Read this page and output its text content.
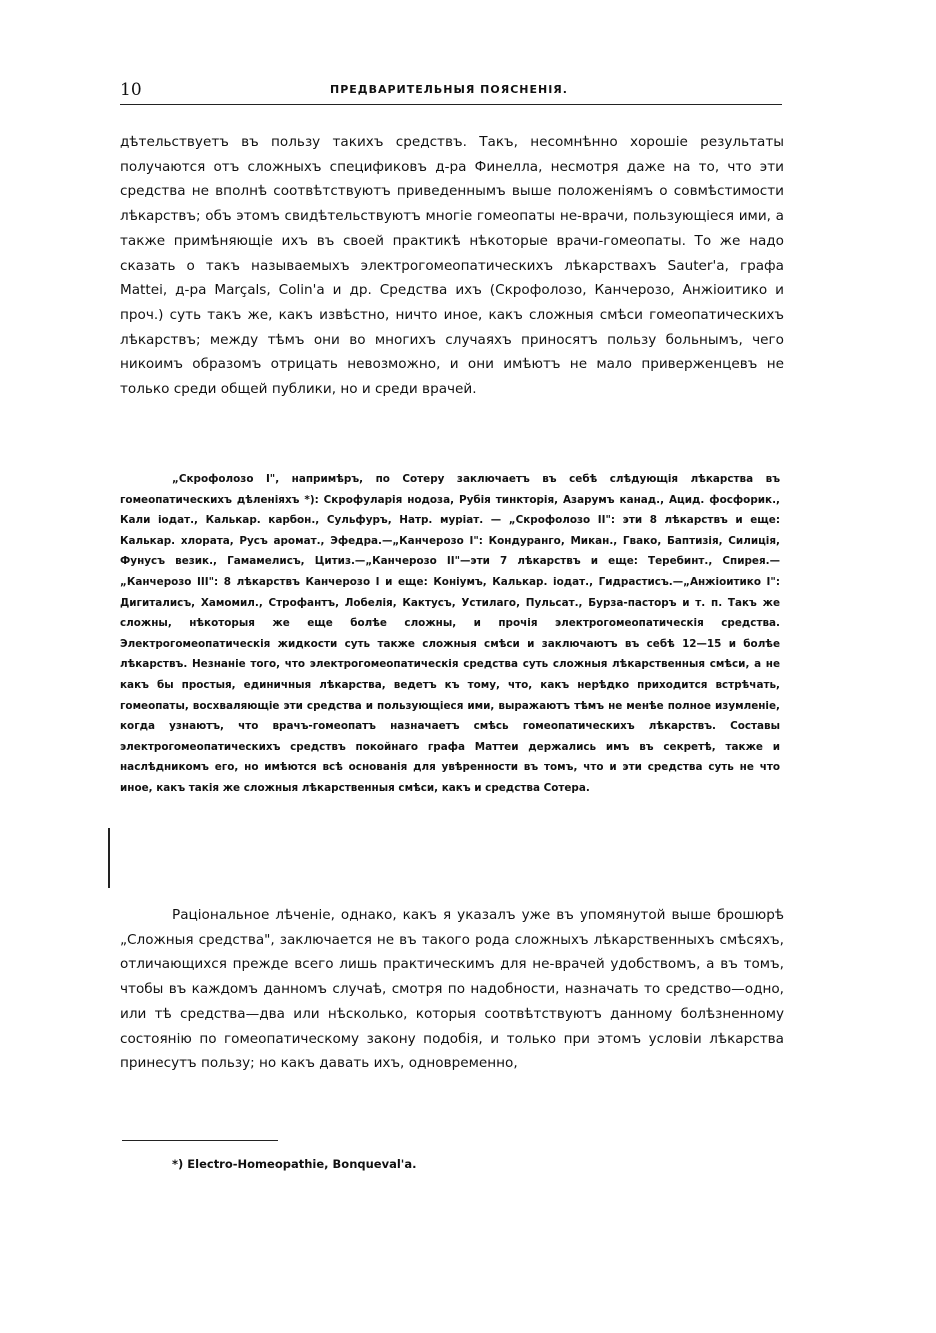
10	ПРЕДВАРИТЕЛЬНЫЯ ПОЯСНЕНІЯ.
дѣтельствуетъ въ пользу такихъ средствъ. Такъ, несомнѣнно хорошіе результаты получаются отъ сложныхъ спецификовъ д-ра Финелла, несмотря даже на то, что эти средства не вполнѣ соотвѣтствуютъ приведеннымъ выше положеніямъ о совмѣстимости лѣкарствъ; объ этомъ свидѣтельствуютъ многіе гомеопаты не-врачи, пользующіеся ими, а также примѣняющіе ихъ въ своей практикѣ нѣкоторые врачи-гомеопаты. То же надо сказать о такъ называемыхъ электрогомеопатическихъ лѣкарствахъ Sauter'а, графа Mattei, д-ра Marçals, Colin'а и др. Средства ихъ (Скрофолозо, Канчерозо, Анжіоитико и проч.) суть такъ же, какъ извѣстно, ничто иное, какъ сложныя смѣси гомеопатическихъ лѣкарствъ; между тѣмъ они во многихъ случаяхъ приносятъ пользу больнымъ, чего никоимъ образомъ отрицать невозможно, и они имѣютъ не мало приверженцевъ не только среди общей публики, но и среди врачей.
„Скрофолозо I", напримѣръ, по Сотеру заключаетъ въ себѣ слѣдующія лѣкарства въ гомеопатическихъ дѣленіяхъ *): Скрофуларія нодоза, Рубія тинкторія, Азарумъ канад., Ацид. фосфорик., Кали іодат., Калькар. карбон., Сульфуръ, Натр. муріат. — „Скрофолозо II": эти 8 лѣкарствъ и еще: Калькар. хлората, Русъ аромат., Эфедра.—„Канчерозо I": Кондуранго, Микан., Гвако, Баптизія, Силиція, Фунусъ везик., Гамамелисъ, Цитиз.—„Канчерозо II"—эти 7 лѣкарствъ и еще: Теребинт., Спирея.—„Канчерозо III": 8 лѣкарствъ Канчерозо I и еще: Коніумъ, Калькар. іодат., Гидрастисъ.—„Анжіоитико I": Дигиталисъ, Хамомил., Строфантъ, Лобелія, Кактусъ, Устилаго, Пульсат., Бурза-пасторъ и т. п. Такъ же сложны, нѣкоторыя же еще болѣе сложны, и прочія электрогомеопатическія средства. Электрогомеопатическія жидкости суть также сложныя смѣси и заключаютъ въ себѣ 12—15 и болѣе лѣкарствъ. Незнаніе того, что электрогомеопатическія средства суть сложныя лѣкарственныя смѣси, а не какъ бы простыя, единичныя лѣкарства, ведетъ къ тому, что, какъ нерѣдко приходится встрѣчать, гомеопаты, восхваляющіе эти средства и пользующіеся ими, выражаютъ тѣмъ не менѣе полное изумленіе, когда узнаютъ, что врачъ-гомеопатъ назначаетъ смѣсь гомеопатическихъ лѣкарствъ. Составы электрогомеопатическихъ средствъ покойнаго графа Маттеи держались имъ въ секретѣ, также и наслѣдникомъ его, но имѣются всѣ основанія для увѣренности въ томъ, что и эти средства суть не что иное, какъ такія же сложныя лѣкарственныя смѣси, какъ и средства Сотера.
Раціональное лѣченіе, однако, какъ я указалъ уже въ упомянутой выше брошюрѣ „Сложныя средства", заключается не въ такого рода сложныхъ лѣкарственныхъ смѣсяхъ, отличающихся прежде всего лишь практическимъ для не-врачей удобствомъ, а въ томъ, чтобы въ каждомъ данномъ случаѣ, смотря по надобности, назначать то средство—одно, или тѣ средства—два или нѣсколько, которыя соотвѣтствуютъ данному болѣзненному состоянію по гомеопатическому закону подобія, и только при этомъ условіи лѣкарства принесутъ пользу; но какъ давать ихъ, одновременно,
*) Electro-Homeopathie, Bonqueval'а.
